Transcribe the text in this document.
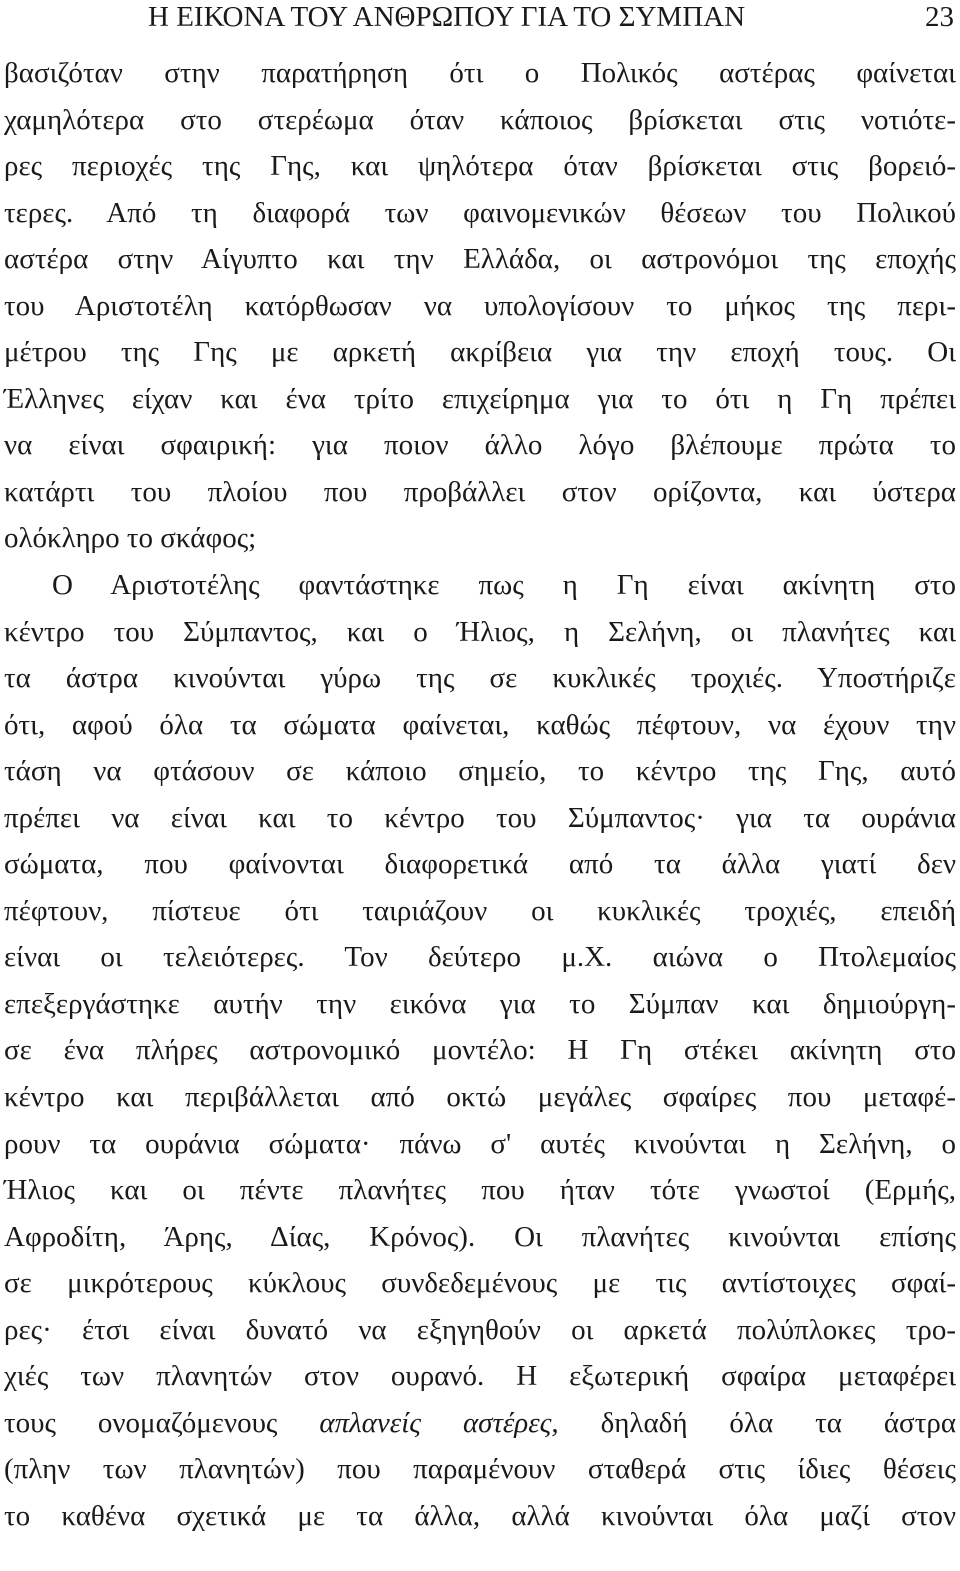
Η ΕΙΚΟΝΑ ΤΟΥ ΑΝΘΡΩΠΟΥ ΓΙΑ ΤΟ ΣΥΜΠΑΝ	23
βασιζόταν στην παρατήρηση ότι ο Πολικός αστέρας φαίνεται
χαμηλότερα στο στερέωμα όταν κάποιος βρίσκεται στις νοτιότε-
ρες περιοχές της Γης, και ψηλότερα όταν βρίσκεται στις βορειό-
τερες. Από τη διαφορά των φαινομενικών θέσεων του Πολικού
αστέρα στην Αίγυπτο και την Ελλάδα, οι αστρονόμοι της εποχής
του Αριστοτέλη κατόρθωσαν να υπολογίσουν το μήκος της περι-
μέτρου της Γης με αρκετή ακρίβεια για την εποχή τους. Οι
Έλληνες είχαν και ένα τρίτο επιχείρημα για το ότι η Γη πρέπει
να είναι σφαιρική: για ποιον άλλο λόγο βλέπουμε πρώτα το
κατάρτι του πλοίου που προβάλλει στον ορίζοντα, και ύστερα
ολόκληρο το σκάφος;
Ο Αριστοτέλης φαντάστηκε πως η Γη είναι ακίνητη στο
κέντρο του Σύμπαντος, και ο Ήλιος, η Σελήνη, οι πλανήτες και
τα άστρα κινούνται γύρω της σε κυκλικές τροχιές. Υποστήριζε
ότι, αφού όλα τα σώματα φαίνεται, καθώς πέφτουν, να έχουν την
τάση να φτάσουν σε κάποιο σημείο, το κέντρο της Γης, αυτό
πρέπει να είναι και το κέντρο του Σύμπαντος· για τα ουράνια
σώματα, που φαίνονται διαφορετικά από τα άλλα γιατί δεν
πέφτουν, πίστευε ότι ταιριάζουν οι κυκλικές τροχιές, επειδή
είναι οι τελειότερες. Τον δεύτερο μ.Χ. αιώνα ο Πτολεμαίος
επεξεργάστηκε αυτήν την εικόνα για το Σύμπαν και δημιούργη-
σε ένα πλήρες αστρονομικό μοντέλο: Η Γη στέκει ακίνητη στο
κέντρο και περιβάλλεται από οκτώ μεγάλες σφαίρες που μεταφέ-
ρουν τα ουράνια σώματα· πάνω σ' αυτές κινούνται η Σελήνη, ο
Ήλιος και οι πέντε πλανήτες που ήταν τότε γνωστοί (Ερμής,
Αφροδίτη, Άρης, Δίας, Κρόνος). Οι πλανήτες κινούνται επίσης
σε μικρότερους κύκλους συνδεδεμένους με τις αντίστοιχες σφαί-
ρες· έτσι είναι δυνατό να εξηγηθούν οι αρκετά πολύπλοκες τρο-
χιές των πλανητών στον ουρανό. Η εξωτερική σφαίρα μεταφέρει
τους ονομαζόμενους απλανείς αστέρες, δηλαδή όλα τα άστρα
(πλην των πλανητών) που παραμένουν σταθερά στις ίδιες θέσεις
το καθένα σχετικά με τα άλλα, αλλά κινούνται όλα μαζί στον
